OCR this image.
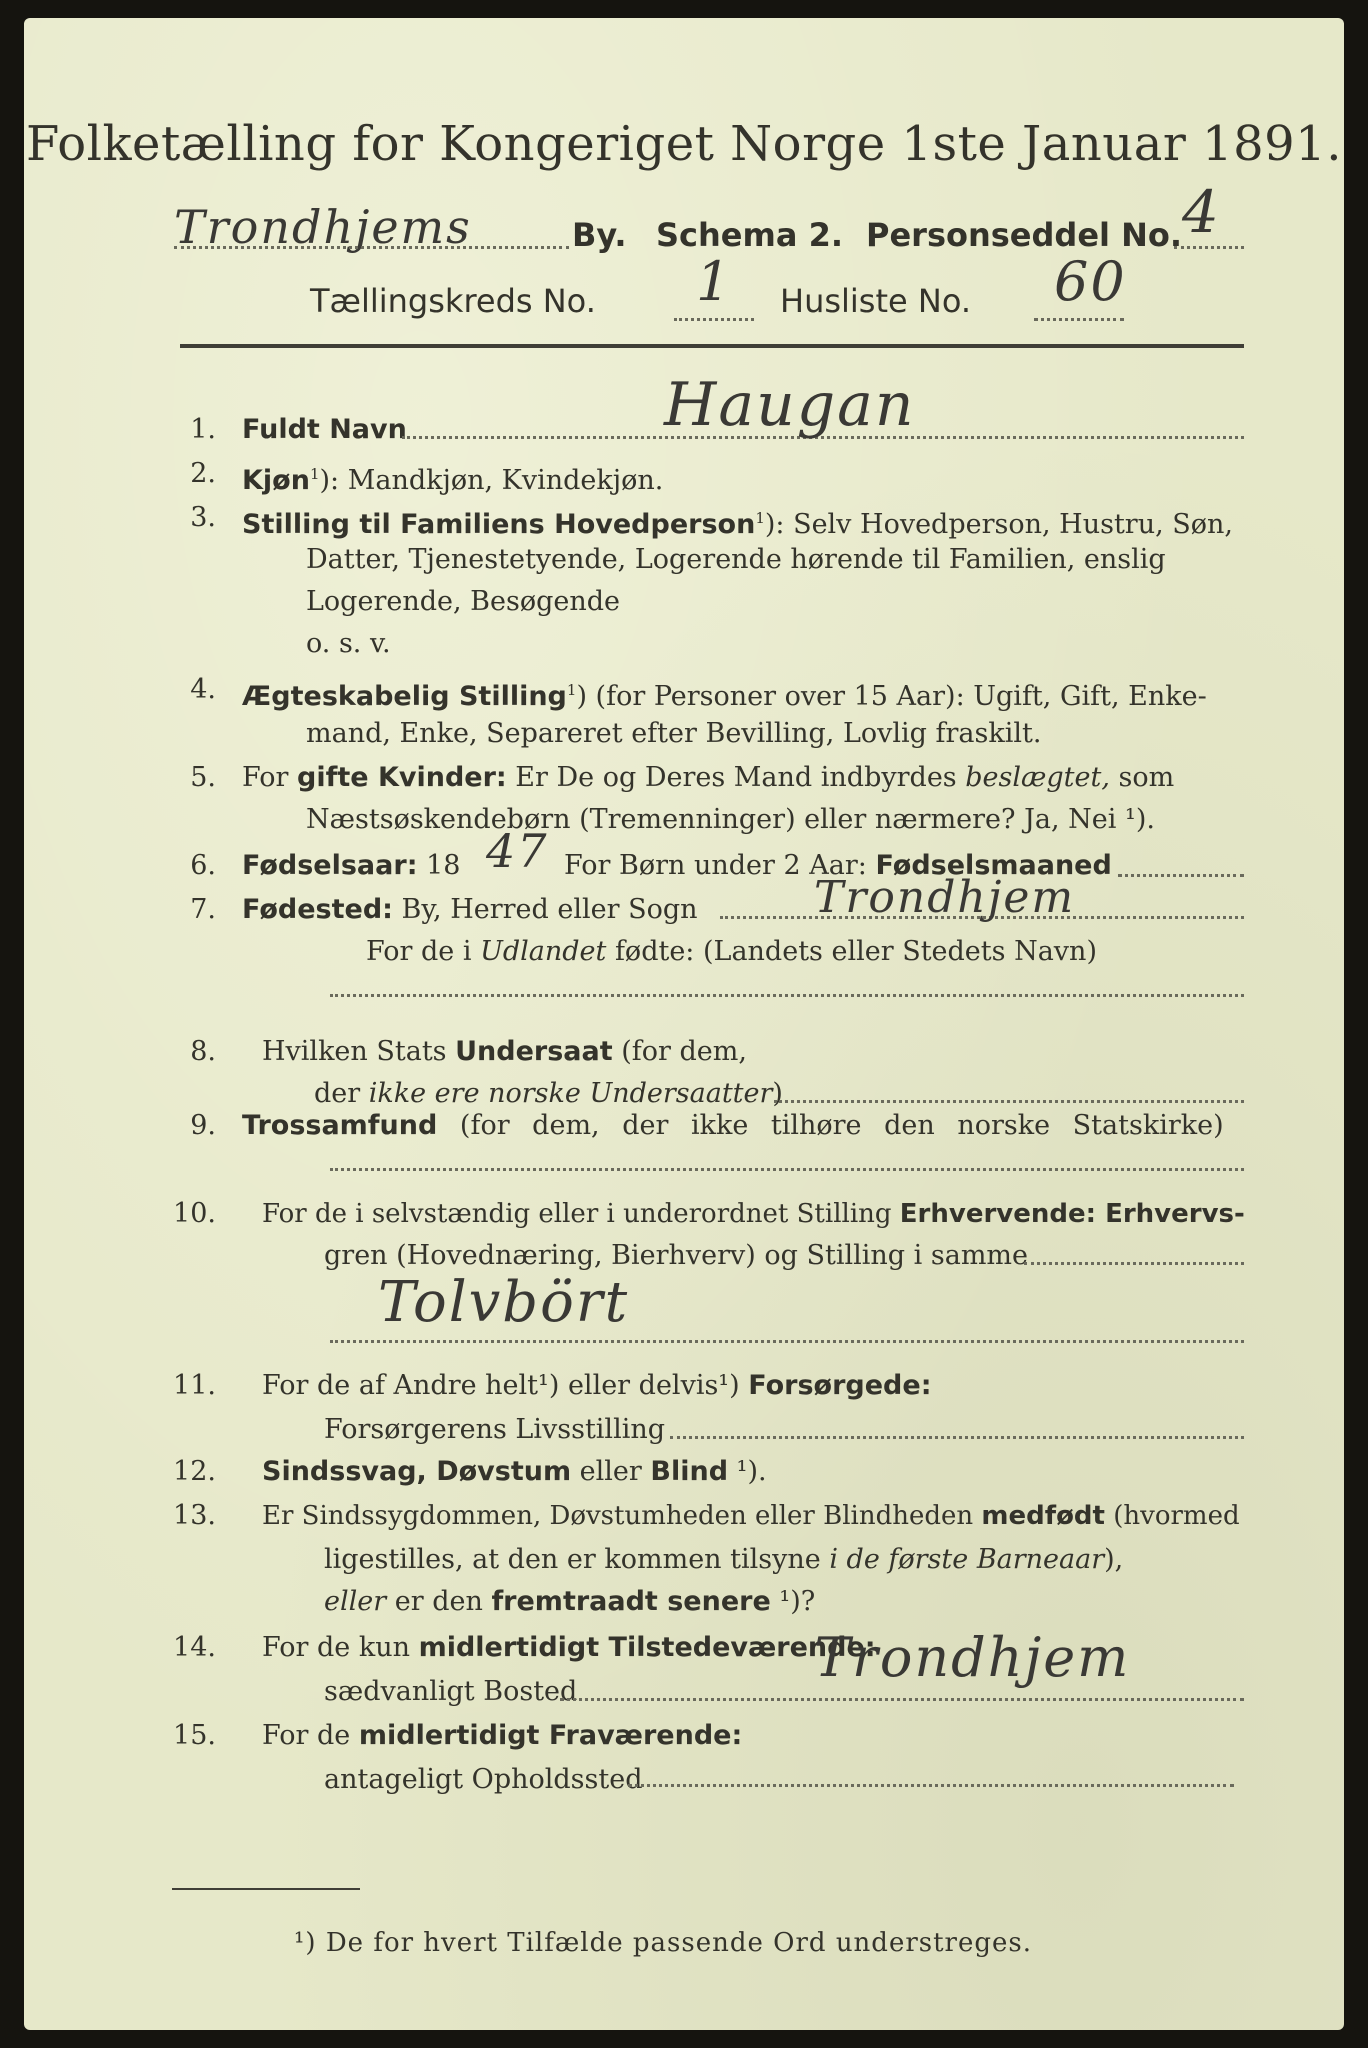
Folketælling for Kongeriget Norge 1ste Januar 1891.
Trondhjems	By. Schema 2. Personseddel No. 4
Tællingskreds No. 1 Husliste No. 60
1. Fuldt Navn	Haugan
2. Kjøn$^1$): Mandkjøn, Kvindekjøn.
3. Stilling til Familiens Hovedperson$^1$): Selv Hovedperson, Hustru, Søn,
Datter, Tjenestetyende, Logerende hørende til Familien, enslig
Logerende, Besøgende
o. s. v.
4. Ægteskabelig Stilling$^1$) (for Personer over 15 Aar): Ugift, Gift, Enke-
mand, Enke, Separeret efter Bevilling, Lovlig fraskilt.
5. For gifte Kvinder: Er De og Deres Mand indbyrdes beslægtet, som
Næstsøskendebørn (Tremenninger) eller nærmere? Ja, Nei ¹).
6. Fødselsaar: 18 47 For Børn under 2 Aar: Fødselsmaaned
7. Fødested: By, Herred eller Sogn	Trondhjem
For de i Udlandet fødte: (Landets eller Stedets Navn)
8. Hvilken Stats Undersaat (for dem,
der ikke ere norske Undersaatter)
9. Trossamfund (for dem, der ikke tilhøre den norske Statskirke)
10. For de i selvstændig eller i underordnet Stilling Erhvervende: Erhvervs-
gren (Hovednæring, Bierhverv) og Stilling i samme
Tolvbört
11. For de af Andre helt¹) eller delvis¹) Forsørgede:
Forsørgerens Livsstilling
12. Sindssvag, Døvstum eller Blind ¹).
13. Er Sindssygdommen, Døvstumheden eller Blindheden medfødt (hvormed
ligestilles, at den er kommen tilsyne i de første Barneaar),
eller er den fremtraadt senere ¹)?
14. For de kun midlertidigt Tilstedeværende:
sædvanligt Bosted
Trondhjem
15. For de midlertidigt Fraværende:
antageligt Opholdssted
¹) De for hvert Tilfælde passende Ord understreges.
